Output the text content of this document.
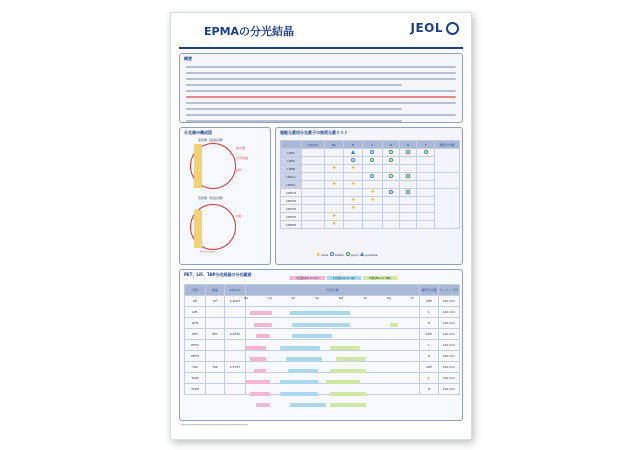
EPMAの分光結晶	JEOL
概要
分光器の構成図
高角側（高波長側）
検出器
分光結晶
試料
低角側（短波長側）
X線
━ ━ ━ ━ ━ ━
超軽元素用分光素子の推奨元素リスト
	2d(nm)	Be	B	C	N	O	F	適用分光器
LDE1								
LDE2								
LDEB		★	★					
LDE1L								
LDE5L		★	★					
LDE1H				★				
LDE2H			★	★				
LDE3H			★					
LDE5H		★						
LDE6H		★						
★ best better good possible
PET、LiF、TAP分光結晶の分光範囲
1次線(Kα or Lα)	1次線(Lα or Lβ)	M線(Mα or Mβ)
名称	結晶	2d(nm)	分光元素	適用分光器	ローランド円
LIF	LiF	0.4027		XCE	140 mm
LIFL				L	140 mm
LIFH				H	100 mm
PET	PET	0.8742		XCE	140 mm
PETL				L	140 mm
PETH				H	100 mm
TAP	TAP	2.5757		XCE	140 mm
TAPL				L	140 mm
TAPH				H	100 mm
Na	Ca	Zr	Sn	Nd	Yb	Hg	Fr
━━━━━━━━━━━━━━━━━━━━━━━━━━━━━━━━━━━━━
